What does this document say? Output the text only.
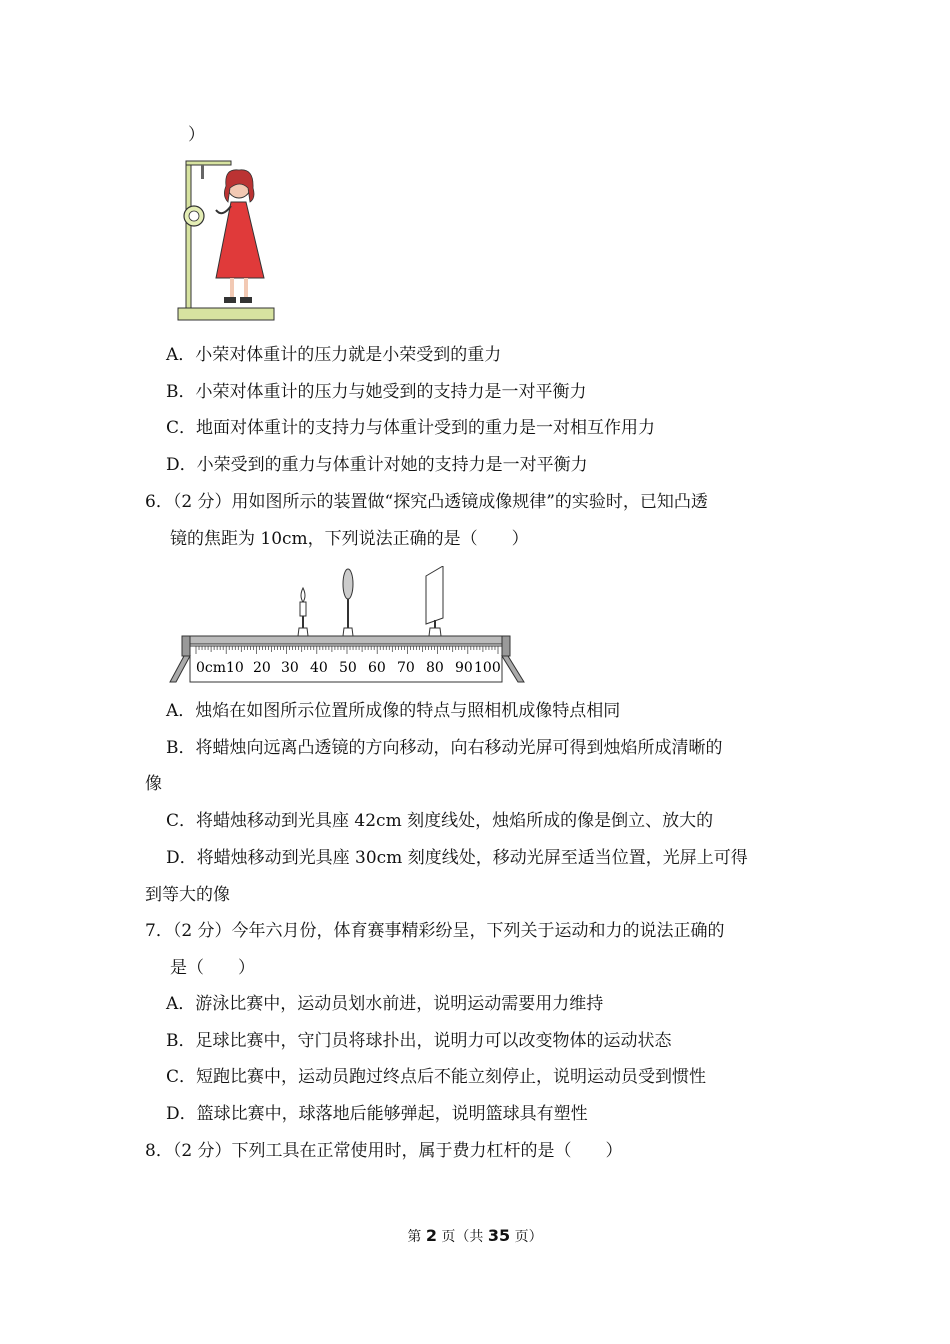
）
A．小荣对体重计的压力就是小荣受到的重力
B．小荣对体重计的压力与她受到的支持力是一对平衡力
C．地面对体重计的支持力与体重计受到的重力是一对相互作用力
D．小荣受到的重力与体重计对她的支持力是一对平衡力
6．（2 分）用如图所示的装置做“探究凸透镜成像规律”的实验时，已知凸透
镜的焦距为 10cm，下列说法正确的是（　　）
0cm10 20 30 40 50 60 70 80 90 100
A．烛焰在如图所示位置所成像的特点与照相机成像特点相同
B．将蜡烛向远离凸透镜的方向移动，向右移动光屏可得到烛焰所成清晰的
像
C．将蜡烛移动到光具座 42cm 刻度线处，烛焰所成的像是倒立、放大的
D．将蜡烛移动到光具座 30cm 刻度线处，移动光屏至适当位置，光屏上可得
到等大的像
7．（2 分）今年六月份，体育赛事精彩纷呈，下列关于运动和力的说法正确的
是（　　）
A．游泳比赛中，运动员划水前进，说明运动需要用力维持
B．足球比赛中，守门员将球扑出，说明力可以改变物体的运动状态
C．短跑比赛中，运动员跑过终点后不能立刻停止，说明运动员受到惯性
D．篮球比赛中，球落地后能够弹起，说明篮球具有塑性
8．（2 分）下列工具在正常使用时，属于费力杠杆的是（　　）
第 2 页（共 35 页）
